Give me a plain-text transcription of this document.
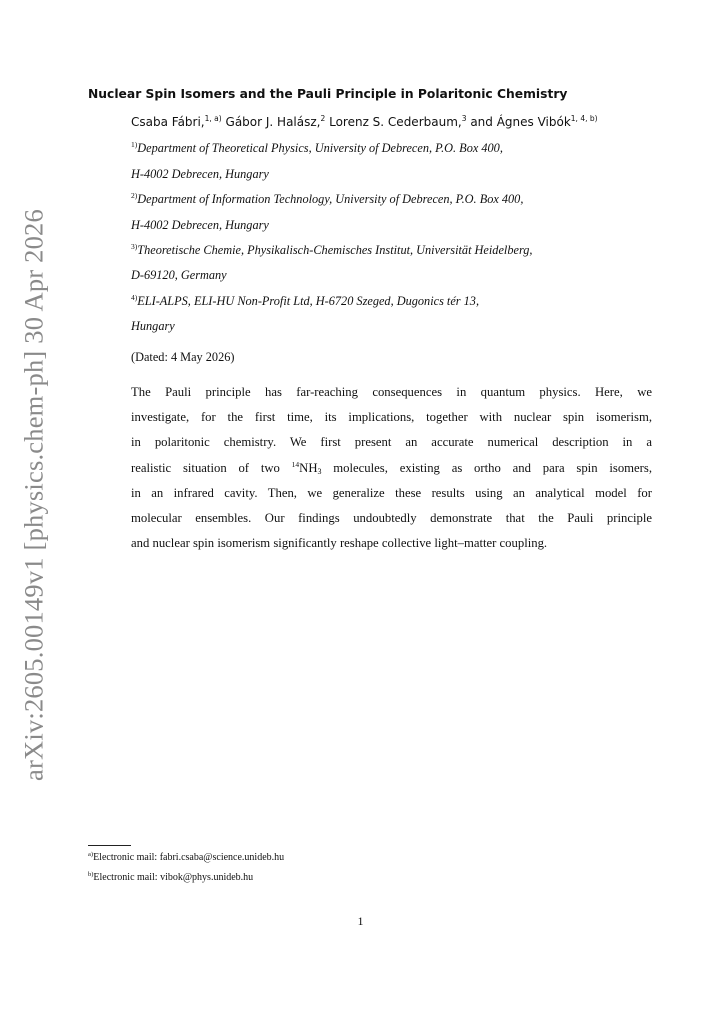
arXiv:2605.00149v1 [physics.chem-ph] 30 Apr 2026
Nuclear Spin Isomers and the Pauli Principle in Polaritonic Chemistry
Csaba Fábri,$^{1, a)}$ Gábor J. Halász,$^2$ Lorenz S. Cederbaum,$^3$ and Ágnes Vibók$^{1, 4, b)}$
$^{1)}$Department of Theoretical Physics, University of Debrecen, P.O. Box 400,
H-4002 Debrecen, Hungary
$^{2)}$Department of Information Technology, University of Debrecen, P.O. Box 400,
H-4002 Debrecen, Hungary
$^{3)}$Theoretische Chemie, Physikalisch-Chemisches Institut, Universität Heidelberg,
D-69120, Germany
$^{4)}$ELI-ALPS, ELI-HU Non-Profit Ltd, H-6720 Szeged, Dugonics tér 13,
Hungary
(Dated: 4 May 2026)
The Pauli principle has far-reaching consequences in quantum physics. Here, we
investigate, for the first time, its implications, together with nuclear spin isomerism,
in polaritonic chemistry. We first present an accurate numerical description in a
realistic situation of two $^{14}NH_3$ molecules, existing as ortho and para spin isomers,
in an infrared cavity. Then, we generalize these results using an analytical model for
molecular ensembles. Our findings undoubtedly demonstrate that the Pauli principle
and nuclear spin isomerism significantly reshape collective light–matter coupling.
$^{a)}$Electronic mail: fabri.csaba@science.unideb.hu
$^{b)}$Electronic mail: vibok@phys.unideb.hu
1
